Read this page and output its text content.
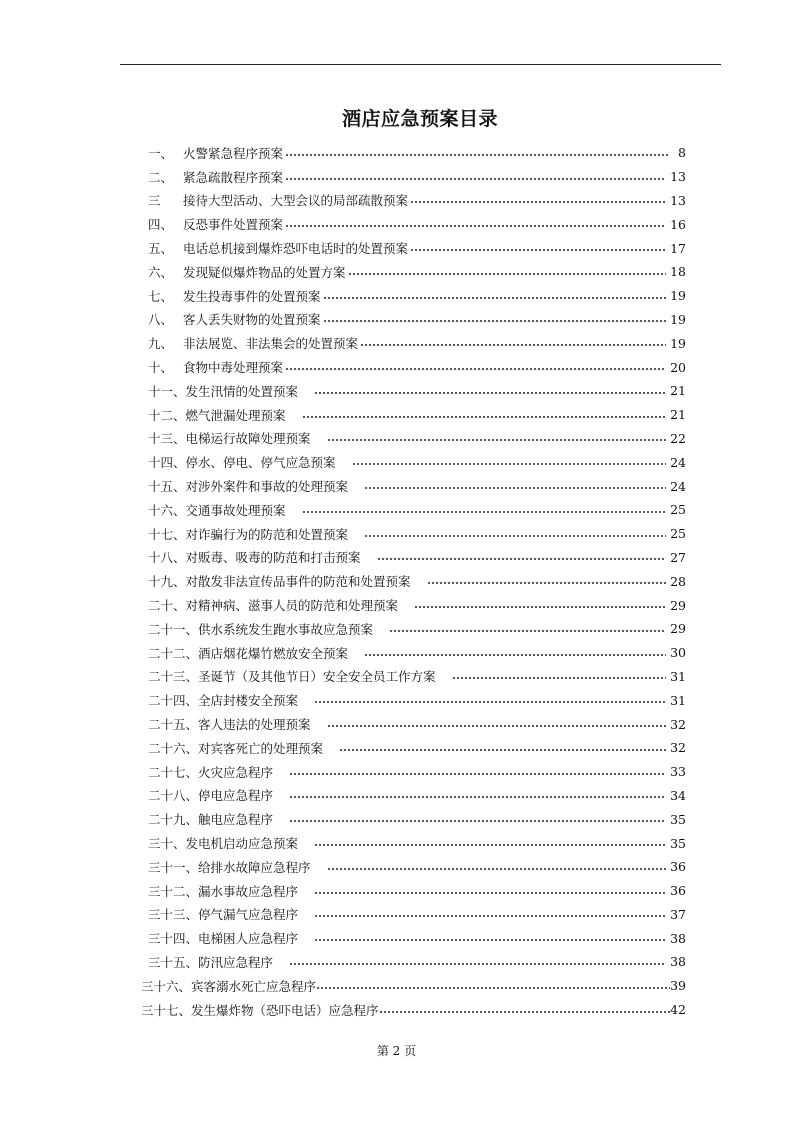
酒店应急预案目录
一、 火警紧急程序预案	8
二、 紧急疏散程序预案	13
三	接待大型活动、大型会议的局部疏散预案	13
四、 反恐事件处置预案	16
五、 电话总机接到爆炸恐吓电话时的处置预案	17
六、 发现疑似爆炸物品的处置方案	18
七、 发生投毒事件的处置预案	19
八、 客人丢失财物的处置预案	19
九、 非法展览、非法集会的处置预案	19
十、 食物中毒处理预案	20
十一、 发生汛情的处置预案	21
十二、 燃气泄漏处理预案	21
十三、 电梯运行故障处理预案	22
十四、 停水、停电、停气应急预案	24
十五、 对涉外案件和事故的处理预案	24
十六、 交通事故处理预案	25
十七、 对诈骗行为的防范和处置预案	25
十八、 对贩毒、吸毒的防范和打击预案	27
十九、 对散发非法宣传品事件的防范和处置预案	28
二十、 对精神病、滋事人员的防范和处理预案	29
二十一、 供水系统发生跑水事故应急预案	29
二十二、 酒店烟花爆竹燃放安全预案	30
二十三、 圣诞节（及其他节日）安全安全员工作方案	31
二十四、 全店封楼安全预案	31
二十五、 客人违法的处理预案	32
二十六、 对宾客死亡的处理预案	32
二十七、 火灾应急程序	33
二十八、 停电应急程序	34
二十九、 触电应急程序	35
三十、 发电机启动应急预案	35
三十一、 给排水故障应急程序	36
三十二、 漏水事故应急程序	36
三十三、 停气漏气应急程序	37
三十四、 电梯困人应急程序	38
三十五、 防汛应急程序	38
三十六、 宾客溺水死亡应急程序	39
三十七、 发生爆炸物（恐吓电话）应急程序	42
第 2 页
